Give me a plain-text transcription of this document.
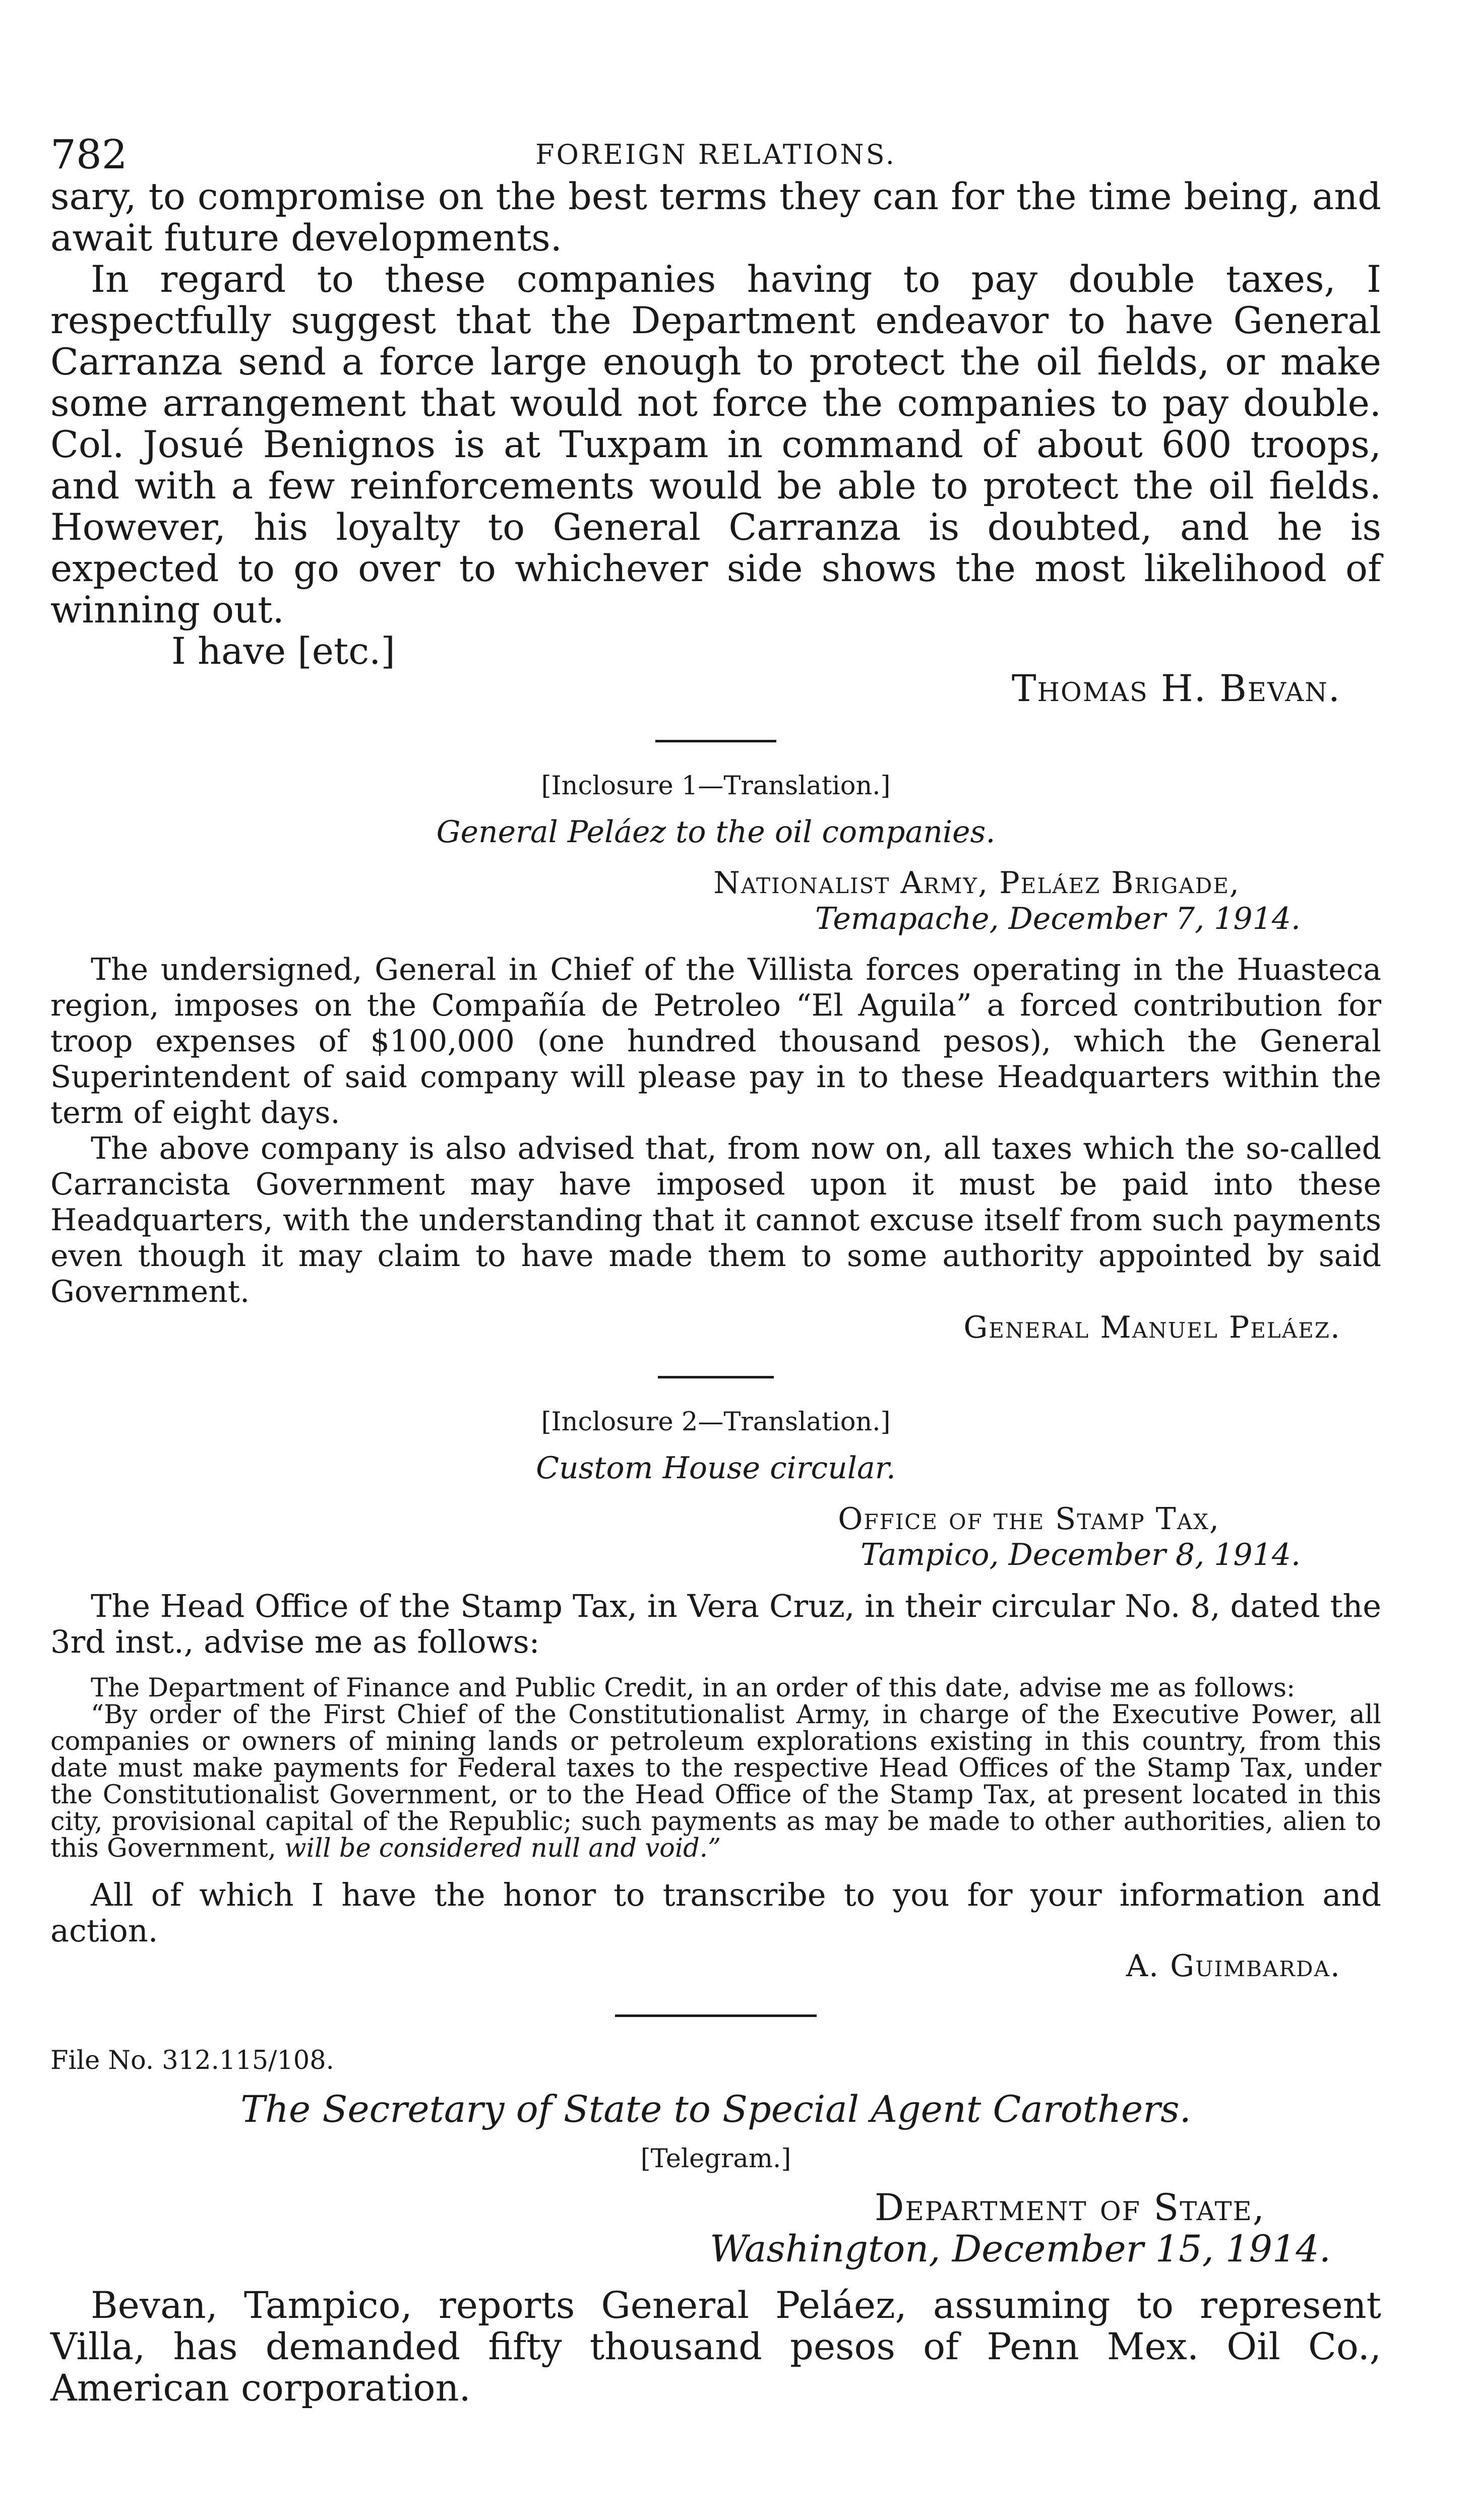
782	FOREIGN RELATIONS.

sary, to compromise on the best terms they can for the time being, and await future developments.

In regard to these companies having to pay double taxes, I respectfully suggest that the Department endeavor to have General Carranza send a force large enough to protect the oil fields, or make some arrangement that would not force the companies to pay double. Col. Josué Benignos is at Tuxpam in command of about 600 troops, and with a few reinforcements would be able to protect the oil fields. However, his loyalty to General Carranza is doubted, and he is expected to go over to whichever side shows the most likelihood of winning out.

I have [etc.]

Thomas H. Bevan.

[Inclosure 1—Translation.]

General Peláez to the oil companies.

Nationalist Army, Peláez Brigade,

Temapache, December 7, 1914.

The undersigned, General in Chief of the Villista forces operating in the Huasteca region, imposes on the Compañía de Petroleo “El Aguila” a forced contribution for troop expenses of $100,000 (one hundred thousand pesos), which the General Superintendent of said company will please pay in to these Headquarters within the term of eight days.

The above company is also advised that, from now on, all taxes which the so-called Carrancista Government may have imposed upon it must be paid into these Headquarters, with the understanding that it cannot excuse itself from such payments even though it may claim to have made them to some authority appointed by said Government.

General Manuel Peláez.

[Inclosure 2—Translation.]

Custom House circular.

Office of the Stamp Tax,

Tampico, December 8, 1914.

The Head Office of the Stamp Tax, in Vera Cruz, in their circular No. 8, dated the 3rd inst., advise me as follows:

The Department of Finance and Public Credit, in an order of this date, advise me as follows:

“By order of the First Chief of the Constitutionalist Army, in charge of the Executive Power, all companies or owners of mining lands or petroleum explorations existing in this country, from this date must make payments for Federal taxes to the respective Head Offices of the Stamp Tax, under the Constitutionalist Government, or to the Head Office of the Stamp Tax, at present located in this city, provisional capital of the Republic; such payments as may be made to other authorities, alien to this Government, will be considered null and void.”

All of which I have the honor to transcribe to you for your information and action.

A. Guimbarda.

File No. 312.115/108.

The Secretary of State to Special Agent Carothers.

[Telegram.]

Department of State,

Washington, December 15, 1914.

Bevan, Tampico, reports General Peláez, assuming to represent Villa, has demanded fifty thousand pesos of Penn Mex. Oil Co., American corporation.
